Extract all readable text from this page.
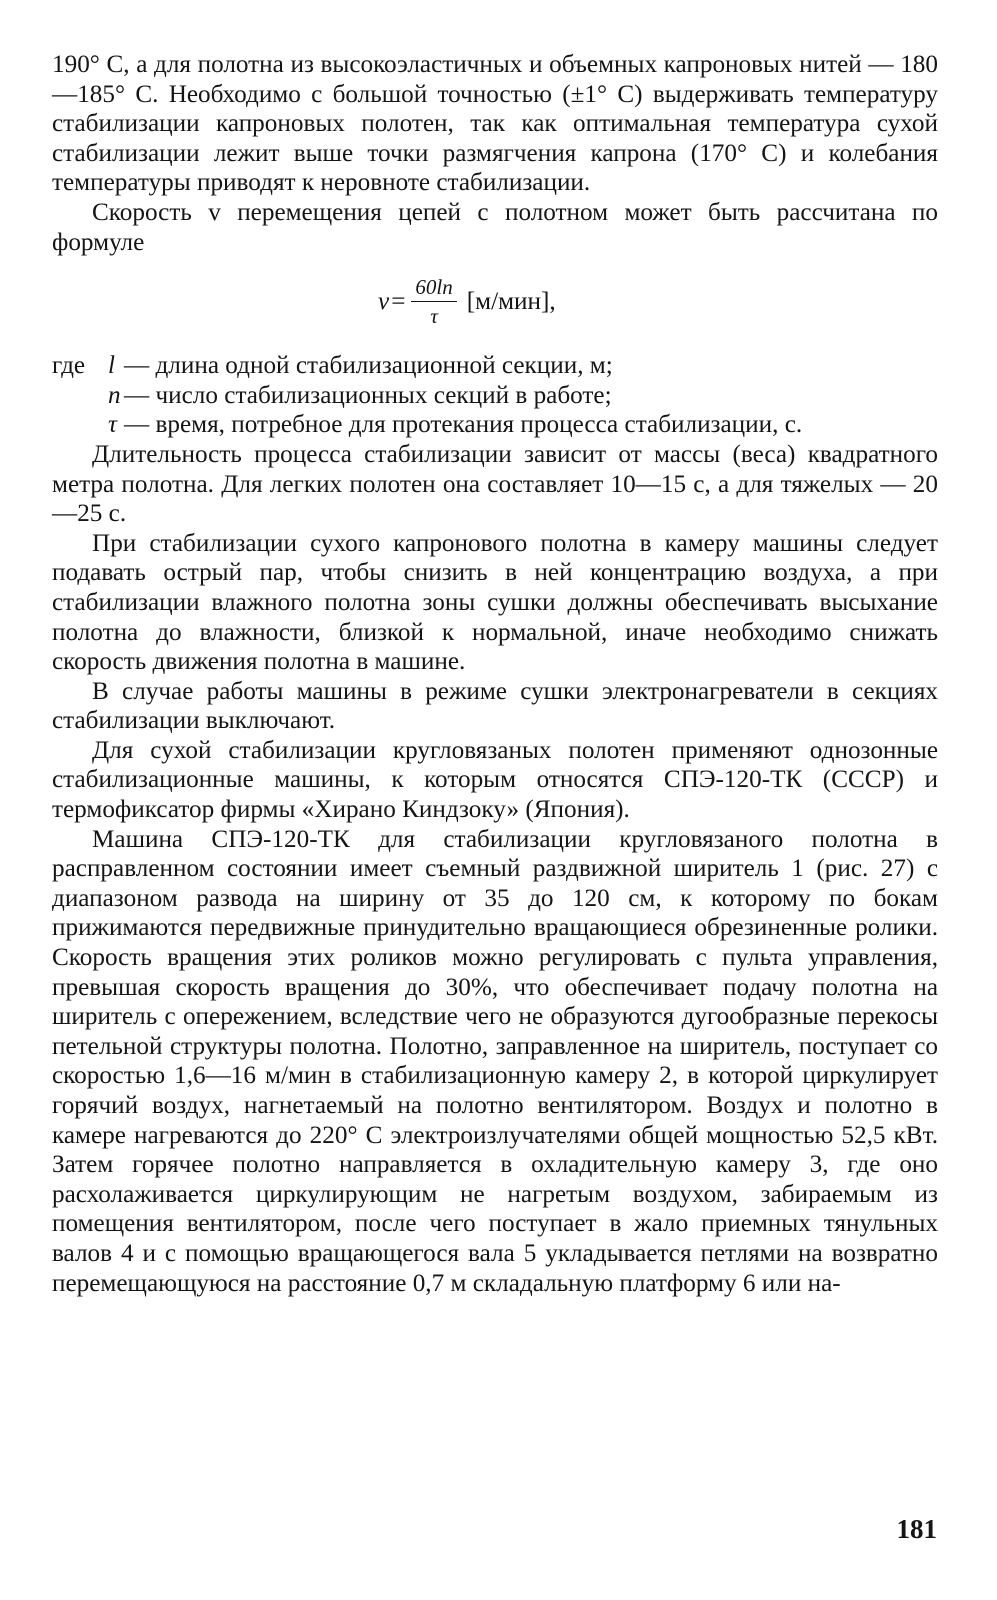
190° С, а для полотна из высокоэластичных и объемных капроновых нитей — 180—185° С. Необходимо с большой точностью (±1° С) выдерживать температуру стабилизации капроновых полотен, так как оптимальная температура сухой стабилизации лежит выше точки размягчения капрона (170° С) и колебания температуры приводят к неровноте стабилизации.

Скорость v перемещения цепей с полотном может быть рассчитана по формуле

$v = \frac{60\ln}{\tau} [м/мин]$,
где l — длина одной стабилизационной секции, м;
n — число стабилизационных секций в работе;
τ — время, потребное для протекания процесса стабилизации, с.

Длительность процесса стабилизации зависит от массы (веса) квадратного метра полотна. Для легких полотен она составляет 10—15 с, а для тяжелых — 20—25 с.

При стабилизации сухого капронового полотна в камеру машины следует подавать острый пар, чтобы снизить в ней концентрацию воздуха, а при стабилизации влажного полотна зоны сушки должны обеспечивать высыхание полотна до влажности, близкой к нормальной, иначе необходимо снижать скорость движения полотна в машине.

В случае работы машины в режиме сушки электронагреватели в секциях стабилизации выключают.

Для сухой стабилизации кругловязаных полотен применяют однозонные стабилизационные машины, к которым относятся СПЭ-120-ТК (СССР) и термофиксатор фирмы «Хирано Киндзоку» (Япония).

Машина СПЭ-120-ТК для стабилизации кругловязаного полотна в расправленном состоянии имеет съемный раздвижной ширитель 1 (рис. 27) с диапазоном развода на ширину от 35 до 120 см, к которому по бокам прижимаются передвижные принудительно вращающиеся обрезиненные ролики. Скорость вращения этих роликов можно регулировать с пульта управления, превышая скорость вращения до 30%, что обеспечивает подачу полотна на ширитель с опережением, вследствие чего не образуются дугообразные перекосы петельной структуры полотна. Полотно, заправленное на ширитель, поступает со скоростью 1,6—16 м/мин в стабилизационную камеру 2, в которой циркулирует горячий воздух, нагнетаемый на полотно вентилятором. Воздух и полотно в камере нагреваются до 220° С электроизлучателями общей мощностью 52,5 кВт. Затем горячее полотно направляется в охладительную камеру 3, где оно расхолаживается циркулирующим не нагретым воздухом, забираемым из помещения вентилятором, после чего поступает в жало приемных тянульных валов 4 и с помощью вращающегося вала 5 укладывается петлями на возвратно перемещающуюся на расстояние 0,7 м складальную платформу 6 или на-

181
